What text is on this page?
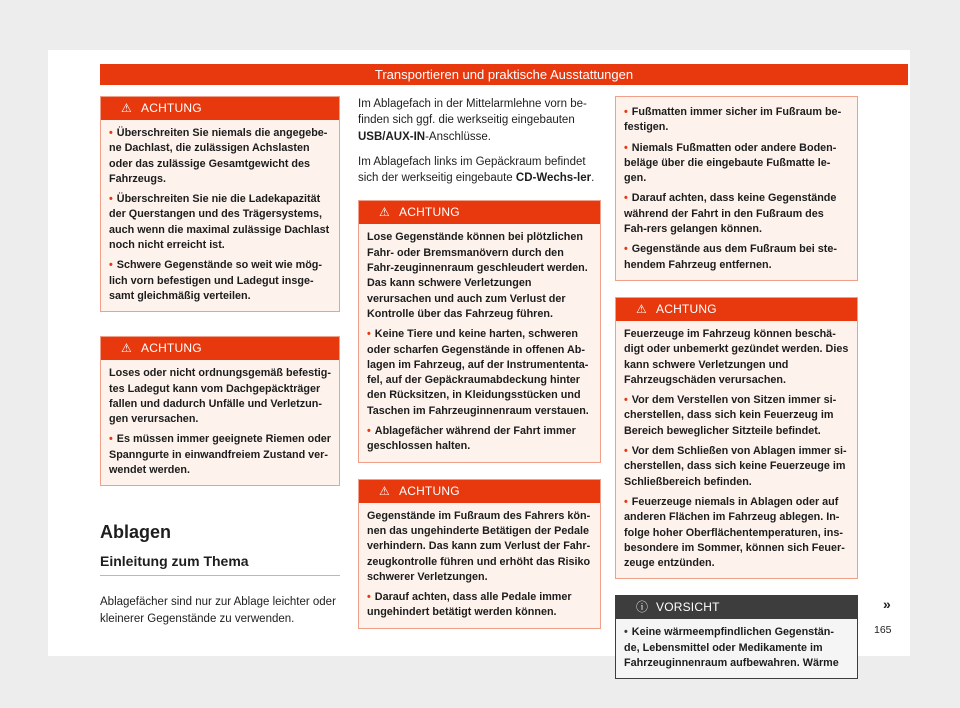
Transportieren und praktische Ausstattungen
⚠ ACHTUNG

• Überschreiten Sie niemals die angegebe-ne Dachlast, die zulässigen Achslasten oder das zulässige Gesamtgewicht des Fahrzeugs.

• Überschreiten Sie nie die Ladekapazität der Querstangen und des Trägersystems, auch wenn die maximal zulässige Dachlast noch nicht erreicht ist.

• Schwere Gegenstände so weit wie mög-lich vorn befestigen und Ladegut insge-samt gleichmäßig verteilen.

⚠ ACHTUNG

Loses oder nicht ordnungsgemäß befestig-tes Ladegut kann vom Dachgepäckträger fallen und dadurch Unfälle und Verletzun-gen verursachen.

• Es müssen immer geeignete Riemen oder Spanngurte in einwandfreiem Zustand ver-wendet werden.

Ablagen
Einleitung zum Thema

Ablagefächer sind nur zur Ablage leichter oder kleinerer Gegenstände zu verwenden.

Im Ablagefach in der Mittelarmlehne vorn be-finden sich ggf. die werkseitig eingebauten USB/AUX-IN-Anschlüsse.

Im Ablagefach links im Gepäckraum befindet sich der werkseitig eingebaute CD-Wechs-ler.

⚠ ACHTUNG

Lose Gegenstände können bei plötzlichen Fahr- oder Bremsmanövern durch den Fahr-zeuginnenraum geschleudert werden. Das kann schwere Verletzungen verursachen und auch zum Verlust der Kontrolle über das Fahrzeug führen.

• Keine Tiere und keine harten, schweren oder scharfen Gegenstände in offenen Ab-lagen im Fahrzeug, auf der Instrumententa-fel, auf der Gepäckraumabdeckung hinter den Rücksitzen, in Kleidungsstücken und Taschen im Fahrzeuginnenraum verstauen.

• Ablagefächer während der Fahrt immer geschlossen halten.

⚠ ACHTUNG

Gegenstände im Fußraum des Fahrers kön-nen das ungehinderte Betätigen der Pedale verhindern. Das kann zum Verlust der Fahr-zeugkontrolle führen und erhöht das Risiko schwerer Verletzungen.

• Darauf achten, dass alle Pedale immer ungehindert betätigt werden können.

• Fußmatten immer sicher im Fußraum be-festigen.

• Niemals Fußmatten oder andere Boden-beläge über die eingebaute Fußmatte le-gen.

• Darauf achten, dass keine Gegenstände während der Fahrt in den Fußraum des Fah-rers gelangen können.

• Gegenstände aus dem Fußraum bei ste-hendem Fahrzeug entfernen.

⚠ ACHTUNG

Feuerzeuge im Fahrzeug können beschä-digt oder unbemerkt gezündet werden. Dies kann schwere Verletzungen und Fahrzeugschäden verursachen.

• Vor dem Verstellen von Sitzen immer si-cherstellen, dass sich kein Feuerzeug im Bereich beweglicher Sitzteile befindet.

• Vor dem Schließen von Ablagen immer si-cherstellen, dass sich keine Feuerzeuge im Schließbereich befinden.

• Feuerzeuge niemals in Ablagen oder auf anderen Flächen im Fahrzeug ablegen. In-folge hoher Oberflächentemperaturen, ins-besondere im Sommer, können sich Feuer-zeuge entzünden.

ⓘ VORSICHT

• Keine wärmeempfindlichen Gegenstän-de, Lebensmittel oder Medikamente im Fahrzeuginnenraum aufbewahren. Wärme

»
165
